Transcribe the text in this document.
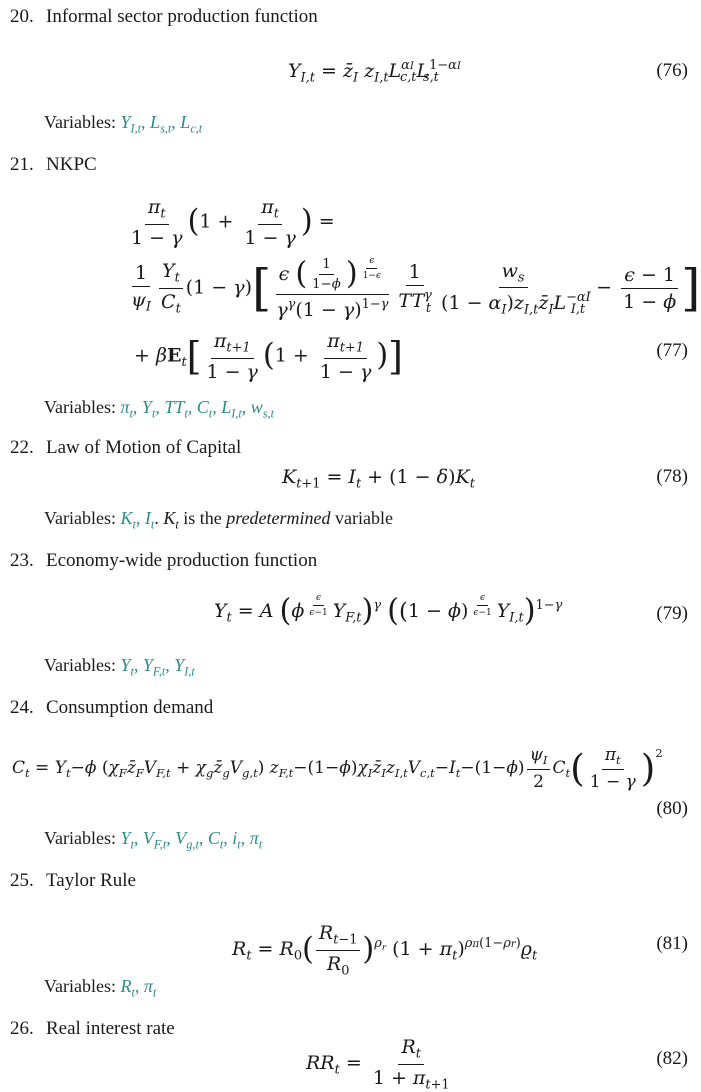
20. Informal sector production function
$Y_{I,t}$ = $z̄_I$ $z_{I,t}L^{\alpha I}_{c,t}L^{1-\alpha I}_{s,t}$	(76)
Variables: $Y_{I,t}$, $L_{s,t}$, $L_{c,t}$
21. NKPC
$\frac{\pi_t}{1 - \gamma} (1 + \frac{\pi_t}{1 - \gamma}$ ) =
$\frac{1}{\psi_I} \frac{Y_t}{C_t} (1 - \gamma)$[ ϵ ( $\frac{1}{1-\phi}$ ) $^{\frac{\epsilon}{1-\epsilon}}$
$\gamma^\gamma(1 - \gamma)^{1-\gamma} \frac{1}{TT^\gamma_t} \frac{w_s}{(1 - \alpha_I)z_{I,t}z̄_IL^{-\alpha I}_{I,t}} - \frac{\epsilon - 1}{1 - \phi}$ ]
+ $\beta E_t[ \frac{\pi_{t+1}}{1 - \gamma} (1 + \frac{\pi_{t+1}}{1 - \gamma}$ )]	(77)
Variables: $\pi_t$, $Y_t$, $TT_t$, $C_t$, $L_{I,t}$, $w_{s,t}$
22. Law of Motion of Capital
$K_{t+1} = I_t + (1 - \delta)K_t$	(78)
Variables: $K_t$, $I_t$. $K_t$ is the predetermined variable
23. Economy-wide production function
$Y_t = A$ (ϕ $^{\frac{\epsilon}{\epsilon-1}}$ $Y_{F,t})^\gamma$ ((1 − ϕ) $^{\frac{\epsilon}{\epsilon-1}}$ $Y_{I,t})^{1-\gamma}$	(79)
Variables: $Y_t$, $Y_{F,t}$, $Y_{I,t}$
24. Consumption demand
$C_t = Y_t-\phi$ ($\chi_Fz̄_FV_{F,t}$ + $\chi_gz̄_gV_{g,t}$) $z_{F,t}-(1-\phi)\chi_Iz̄_Iz_{I,t}V_{c,t}-I_t-(1-\phi) \frac{\psi_I}{2} C_t( \frac{\pi_t}{1 - \gamma} )^2$
(80)
Variables: $Y_t$, $V_{F,t}$, $V_{g,t}$, $C_t$, $i_t$, $\pi_t$
25. Taylor Rule
$R_t = R_0( \frac{R_{t-1}}{R_0} )^{\rho_r}$ $(1 + \pi_t)^{\rho\pi(1-\rho r)}ϱ_t$
(81)
Variables: $R_t$, $\pi_t$
26. Real interest rate
$RR_t = \frac{R_t}{1 + \pi_{t+1}}$	(82)
